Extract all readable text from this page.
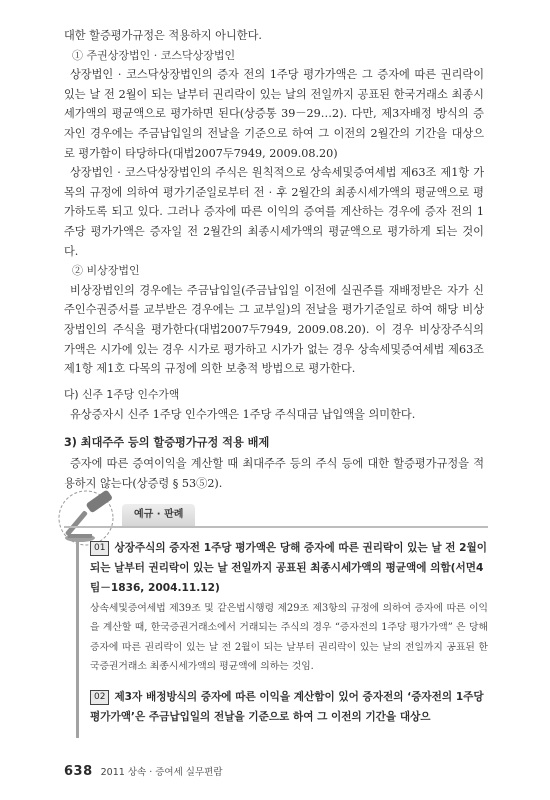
대한 할증평가규정은 적용하지 아니한다.

① 주권상장법인 · 코스닥상장법인

상장법인 · 코스닥상장법인의 증자 전의 1주당 평가가액은 그 증자에 따른 권리락이 있는 날 전 2월이 되는 날부터 권리락이 있는 날의 전일까지 공표된 한국거래소 최종시세가액의 평균액으로 평가하면 된다(상증통 39－29…2). 다만, 제3자배정 방식의 증자인 경우에는 주금납입일의 전날을 기준으로 하여 그 이전의 2월간의 기간을 대상으로 평가함이 타당하다(대법2007두7949, 2009.08.20)

상장법인 · 코스닥상장법인의 주식은 원칙적으로 상속세및증여세법 제63조 제1항 가목의 규정에 의하여 평가기준일로부터 전 · 후 2월간의 최종시세가액의 평균액으로 평가하도록 되고 있다. 그러나 증자에 따른 이익의 증여를 계산하는 경우에 증자 전의 1주당 평가가액은 증자일 전 2월간의 최종시세가액의 평균액으로 평가하게 되는 것이다.

② 비상장법인

비상장법인의 경우에는 주금납입일(주금납입일 이전에 실권주를 재배정받은 자가 신주인수권증서를 교부받은 경우에는 그 교부일)의 전날을 평가기준일로 하여 해당 비상장법인의 주식을 평가한다(대법2007두7949, 2009.08.20). 이 경우 비상장주식의 가액은 시가에 있는 경우 시가로 평가하고 시가가 없는 경우 상속세및증여세법 제63조 제1항 제1호 다목의 규정에 의한 보충적 방법으로 평가한다.

다) 신주 1주당 인수가액

유상증자시 신주 1주당 인수가액은 1주당 주식대금 납입액을 의미한다.

3) 최대주주 등의 할증평가규정 적용 배제

증자에 따른 증여이익을 계산할 때 최대주주 등의 주식 등에 대한 할증평가규정을 적용하지 않는다(상증령 § 53⑤2).

예규 · 판례
01 상장주식의 증자전 1주당 평가액은 당해 증자에 따른 권리락이 있는 날 전 2월이 되는 날부터 권리락이 있는 날 전일까지 공표된 최종시세가액의 평균액에 의함(서면4팀－1836, 2004.11.12)

상속세및증여세법 제39조 및 같은법시행령 제29조 제3항의 규정에 의하여 증자에 따른 이익을 계산할 때, 한국증권거래소에서 거래되는 주식의 경우 “증자전의 1주당 평가가액” 은 당해 증자에 따른 권리락이 있는 날 전 2월이 되는 날부터 권리락이 있는 날의 전일까지 공표된 한국증권거래소 최종시세가액의 평균액에 의하는 것임.

02 제3자 배정방식의 증자에 따른 이익을 계산함이 있어 증자전의 ‘증자전의 1주당 평가가액’은 주금납입일의 전날을 기준으로 하여 그 이전의 기간을 대상으
638 2011 상속 · 증여세 실무편람
